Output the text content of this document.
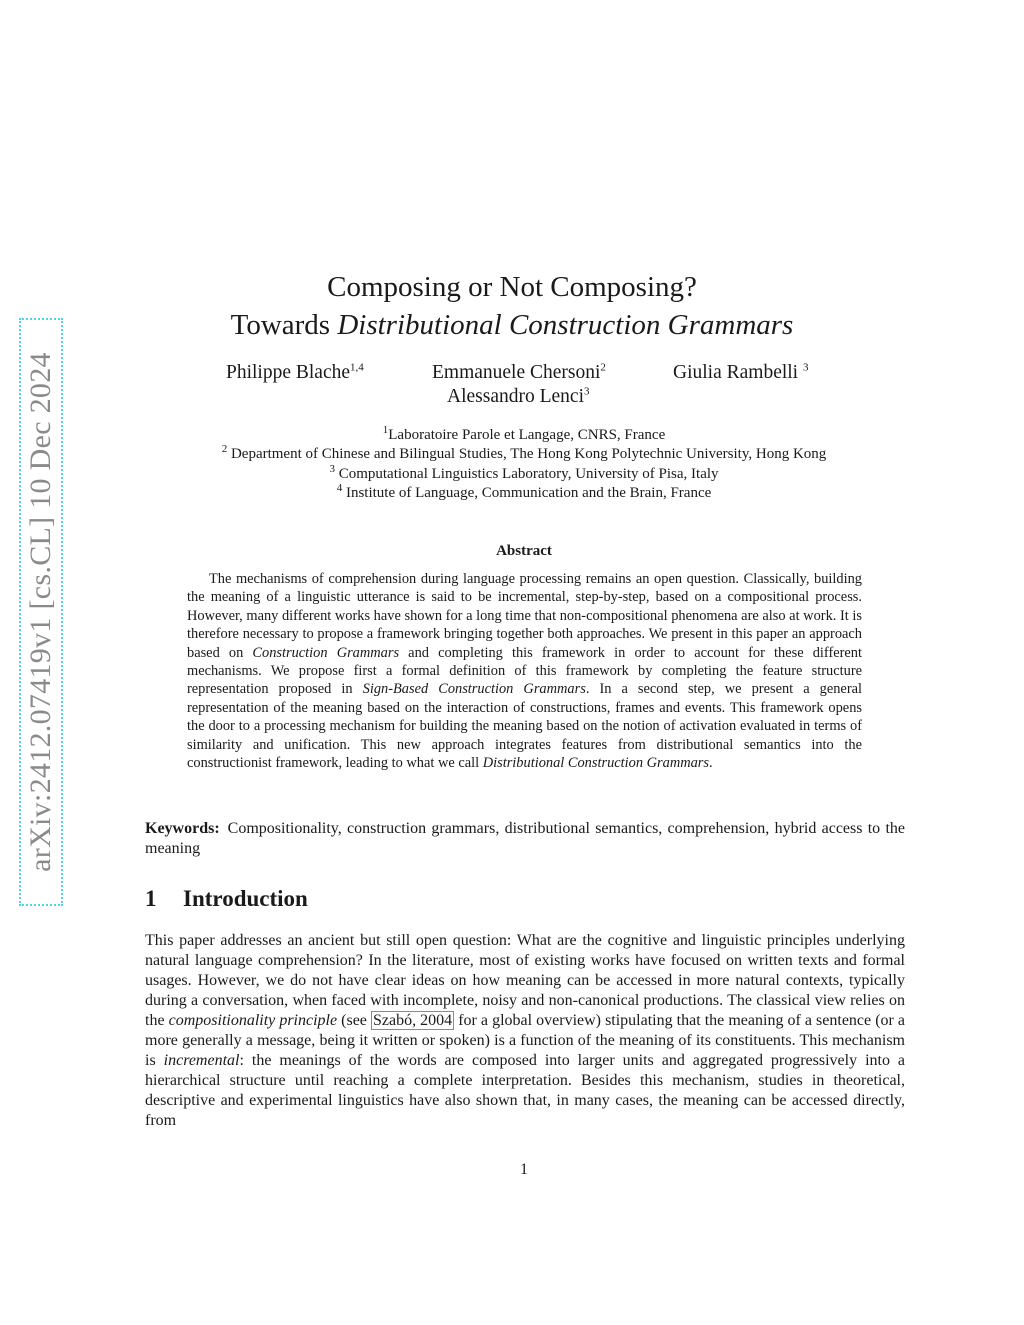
arXiv:2412.07419v1 [cs.CL] 10 Dec 2024
Composing or Not Composing?
Towards Distributional Construction Grammars
Philippe Blache$^{1,4}$	Emmanuele Chersoni$^2$	Giulia Rambelli $^3$
Alessandro Lenci$^3$
$^1$Laboratoire Parole et Langage, CNRS, France
$^2$ Department of Chinese and Bilingual Studies, The Hong Kong Polytechnic University, Hong Kong
$^3$ Computational Linguistics Laboratory, University of Pisa, Italy
$^4$ Institute of Language, Communication and the Brain, France
Abstract

The mechanisms of comprehension during language processing remains an open question. Classically, building the meaning of a linguistic utterance is said to be incremental, step-by-step, based on a compositional process. However, many different works have shown for a long time that non-compositional phenomena are also at work. It is therefore necessary to propose a framework bringing together both approaches. We present in this paper an approach based on Construction Grammars and completing this framework in order to account for these different mechanisms. We propose first a formal definition of this framework by completing the feature structure representation proposed in Sign-Based Construction Grammars. In a second step, we present a general representation of the meaning based on the interaction of constructions, frames and events. This framework opens the door to a processing mechanism for building the meaning based on the notion of activation evaluated in terms of similarity and unification. This new approach integrates features from distributional semantics into the constructionist framework, leading to what we call Distributional Construction Grammars.

Keywords: Compositionality, construction grammars, distributional semantics, comprehension, hybrid access to the meaning
1 Introduction

This paper addresses an ancient but still open question: What are the cognitive and linguistic principles underlying natural language comprehension? In the literature, most of existing works have focused on written texts and formal usages. However, we do not have clear ideas on how meaning can be accessed in more natural contexts, typically during a conversation, when faced with incomplete, noisy and non-canonical productions. The classical view relies on the compositionality principle (see Szabó, 2004 for a global overview) stipulating that the meaning of a sentence (or a more generally a message, being it written or spoken) is a function of the meaning of its constituents. This mechanism is incremental: the meanings of the words are composed into larger units and aggregated progressively into a hierarchical structure until reaching a complete interpretation. Besides this mechanism, studies in theoretical, descriptive and experimental linguistics have also shown that, in many cases, the meaning can be accessed directly, from

1
